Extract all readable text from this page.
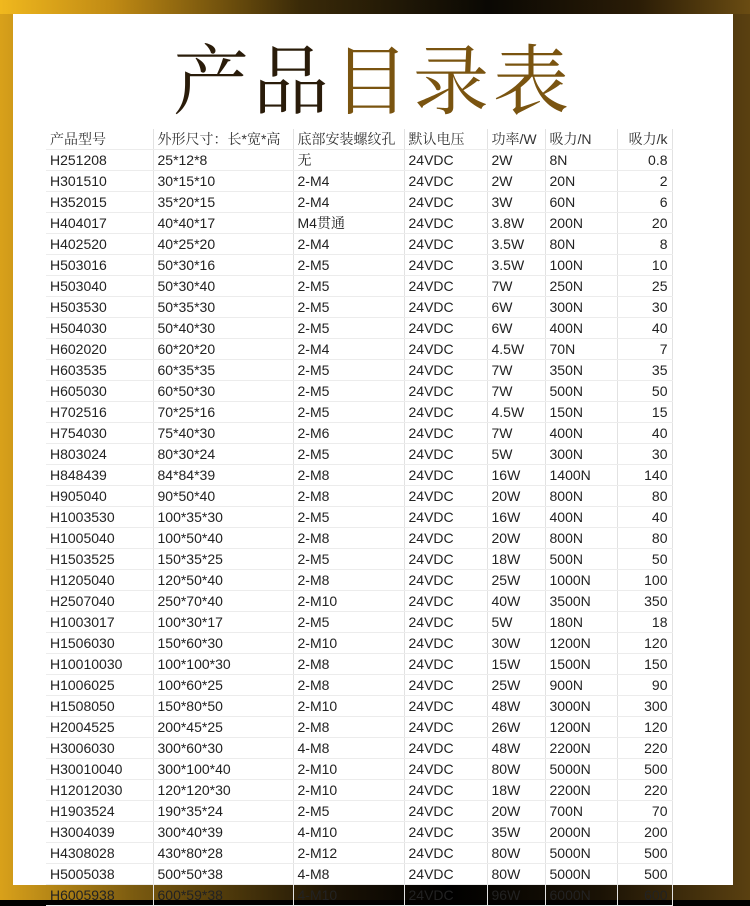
产品目录表
产品型号	外形尺寸：长*宽*高	底部安装螺纹孔	默认电压	功率/W	吸力/N	吸力/k
H251208	25*12*8	无	24VDC	2W	8N	0.8
H301510	30*15*10	2-M4	24VDC	2W	20N	2
H352015	35*20*15	2-M4	24VDC	3W	60N	6
H404017	40*40*17	M4贯通	24VDC	3.8W	200N	20
H402520	40*25*20	2-M4	24VDC	3.5W	80N	8
H503016	50*30*16	2-M5	24VDC	3.5W	100N	10
H503040	50*30*40	2-M5	24VDC	7W	250N	25
H503530	50*35*30	2-M5	24VDC	6W	300N	30
H504030	50*40*30	2-M5	24VDC	6W	400N	40
H602020	60*20*20	2-M4	24VDC	4.5W	70N	7
H603535	60*35*35	2-M5	24VDC	7W	350N	35
H605030	60*50*30	2-M5	24VDC	7W	500N	50
H702516	70*25*16	2-M5	24VDC	4.5W	150N	15
H754030	75*40*30	2-M6	24VDC	7W	400N	40
H803024	80*30*24	2-M5	24VDC	5W	300N	30
H848439	84*84*39	2-M8	24VDC	16W	1400N	140
H905040	90*50*40	2-M8	24VDC	20W	800N	80
H1003530	100*35*30	2-M5	24VDC	16W	400N	40
H1005040	100*50*40	2-M8	24VDC	20W	800N	80
H1503525	150*35*25	2-M5	24VDC	18W	500N	50
H1205040	120*50*40	2-M8	24VDC	25W	1000N	100
H2507040	250*70*40	2-M10	24VDC	40W	3500N	350
H1003017	100*30*17	2-M5	24VDC	5W	180N	18
H1506030	150*60*30	2-M10	24VDC	30W	1200N	120
H10010030	100*100*30	2-M8	24VDC	15W	1500N	150
H1006025	100*60*25	2-M8	24VDC	25W	900N	90
H1508050	150*80*50	2-M10	24VDC	48W	3000N	300
H2004525	200*45*25	2-M8	24VDC	26W	1200N	120
H3006030	300*60*30	4-M8	24VDC	48W	2200N	220
H30010040	300*100*40	2-M10	24VDC	80W	5000N	500
H12012030	120*120*30	2-M10	24VDC	18W	2200N	220
H1903524	190*35*24	2-M5	24VDC	20W	700N	70
H3004039	300*40*39	4-M10	24VDC	35W	2000N	200
H4308028	430*80*28	2-M12	24VDC	80W	5000N	500
H5005038	500*50*38	4-M8	24VDC	80W	5000N	500
H6005938	600*59*38	4-M10	24VDC	96W	6000N	600
